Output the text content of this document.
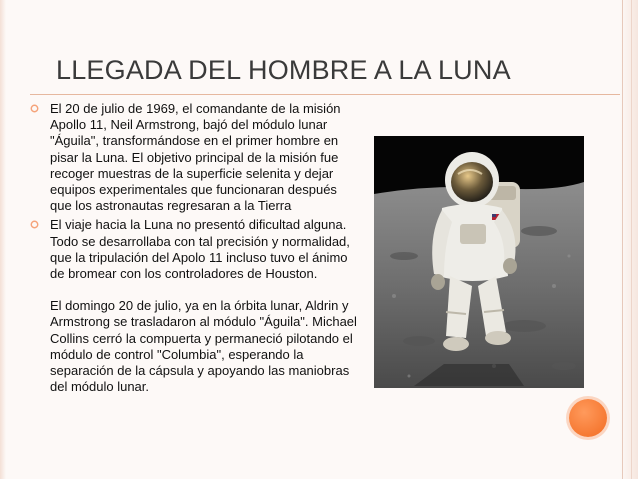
LLEGADA DEL HOMBRE A LA LUNA

El 20 de julio de 1969, el comandante de la misión Apollo 11, Neil Armstrong, bajó del módulo lunar "Águila", transformándose en el primer hombre en pisar la Luna. El objetivo principal de la misión fue recoger muestras de la superficie selenita y dejar equipos experimentales que funcionaran después que los astronautas regresaran a la Tierra

El viaje hacia la Luna no presentó dificultad alguna. Todo se desarrollaba con tal precisión y normalidad, que la tripulación del Apolo 11 incluso tuvo el ánimo de bromear con los controladores de Houston.

El domingo 20 de julio, ya en la órbita lunar, Aldrin y Armstrong se trasladaron al módulo "Águila". Michael Collins cerró la compuerta y permaneció pilotando el módulo de control "Columbia", esperando la separación de la cápsula y apoyando las maniobras del módulo lunar.
